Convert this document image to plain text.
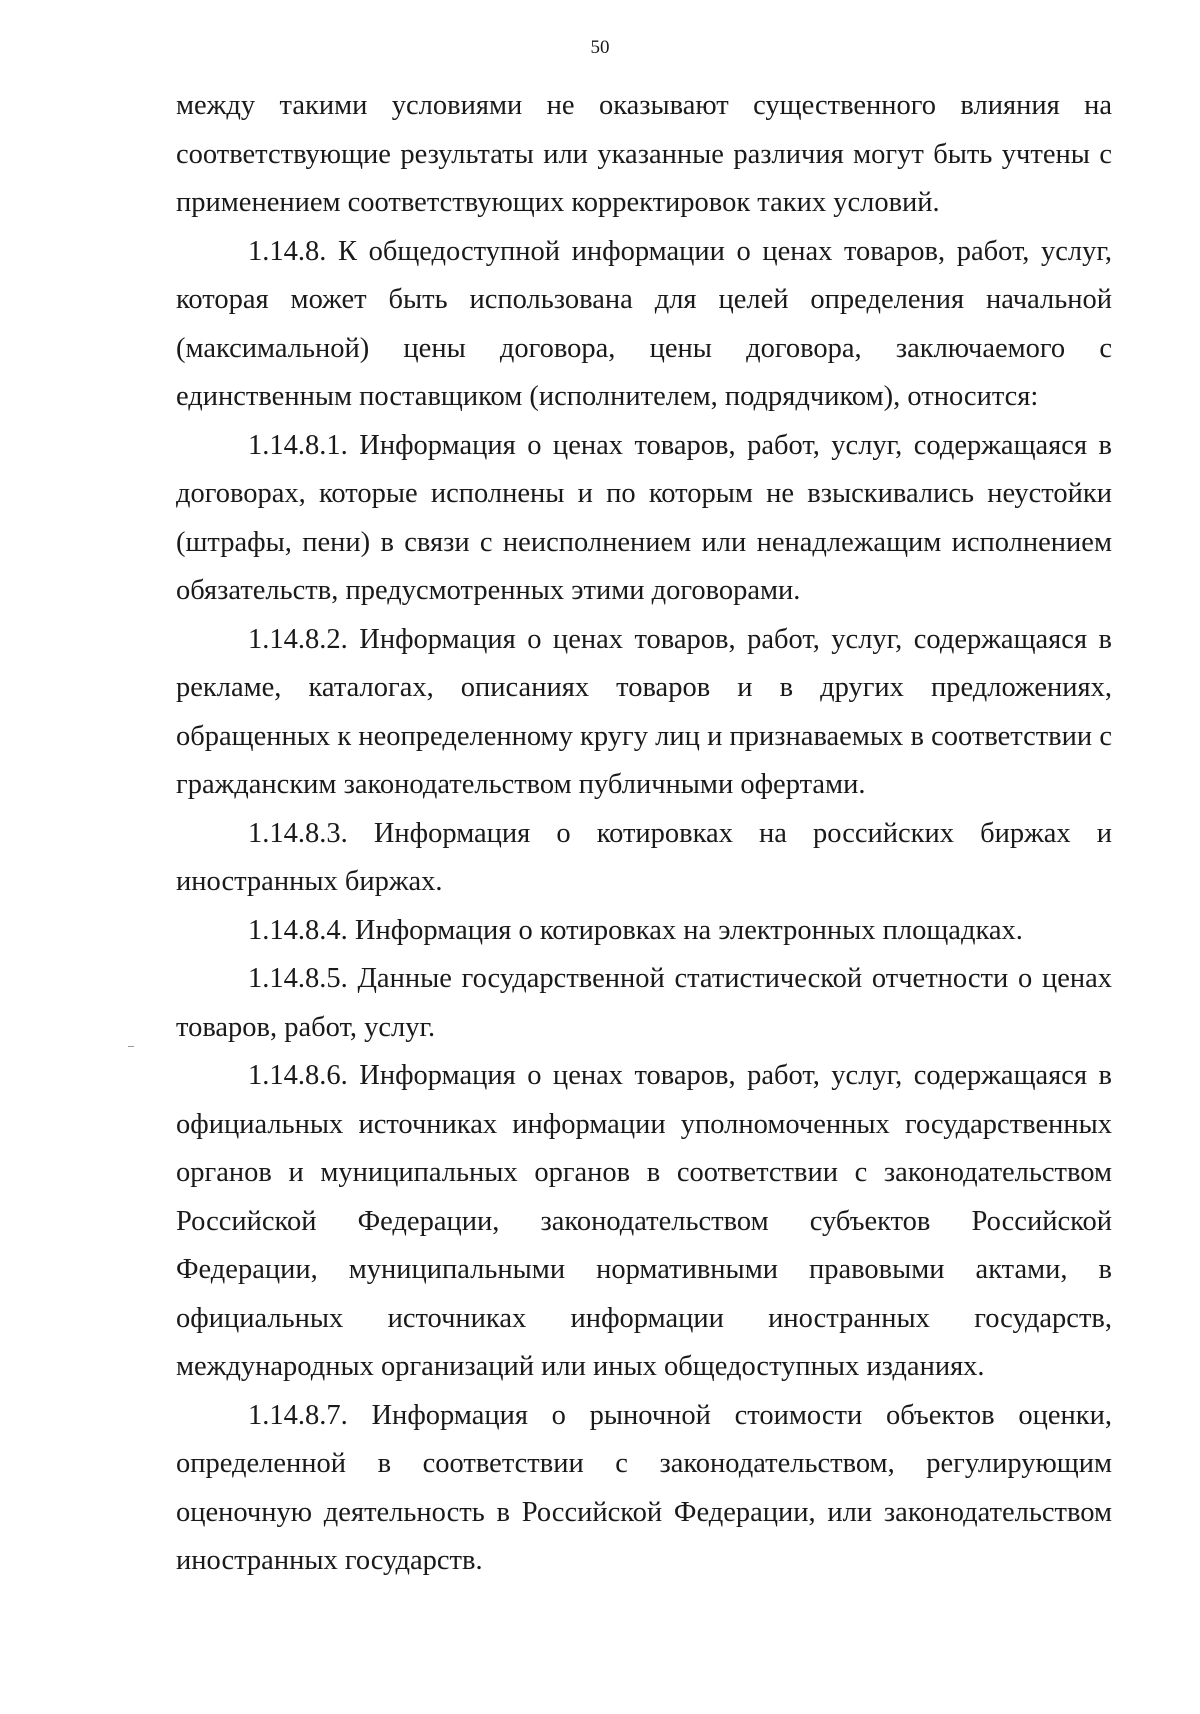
50

между такими условиями не оказывают существенного влияния на соответствующие результаты или указанные различия могут быть учтены с применением соответствующих корректировок таких условий.

1.14.8. К общедоступной информации о ценах товаров, работ, услуг, которая может быть использована для целей определения начальной (максимальной) цены договора, цены договора, заключаемого с единственным поставщиком (исполнителем, подрядчиком), относится:

1.14.8.1. Информация о ценах товаров, работ, услуг, содержащаяся в договорах, которые исполнены и по которым не взыскивались неустойки (штрафы, пени) в связи с неисполнением или ненадлежащим исполнением обязательств, предусмотренных этими договорами.

1.14.8.2. Информация о ценах товаров, работ, услуг, содержащаяся в рекламе, каталогах, описаниях товаров и в других предложениях, обращенных к неопределенному кругу лиц и признаваемых в соответствии с гражданским законодательством публичными офертами.

1.14.8.3. Информация о котировках на российских биржах и иностранных биржах.

1.14.8.4. Информация о котировках на электронных площадках.

1.14.8.5. Данные государственной статистической отчетности о ценах товаров, работ, услуг.

1.14.8.6. Информация о ценах товаров, работ, услуг, содержащаяся в официальных источниках информации уполномоченных государственных органов и муниципальных органов в соответствии с законодательством Российской Федерации, законодательством субъектов Российской Федерации, муниципальными нормативными правовыми актами, в официальных источниках информации иностранных государств, международных организаций или иных общедоступных изданиях.

1.14.8.7. Информация о рыночной стоимости объектов оценки, определенной в соответствии с законодательством, регулирующим оценочную деятельность в Российской Федерации, или законодательством иностранных государств.
